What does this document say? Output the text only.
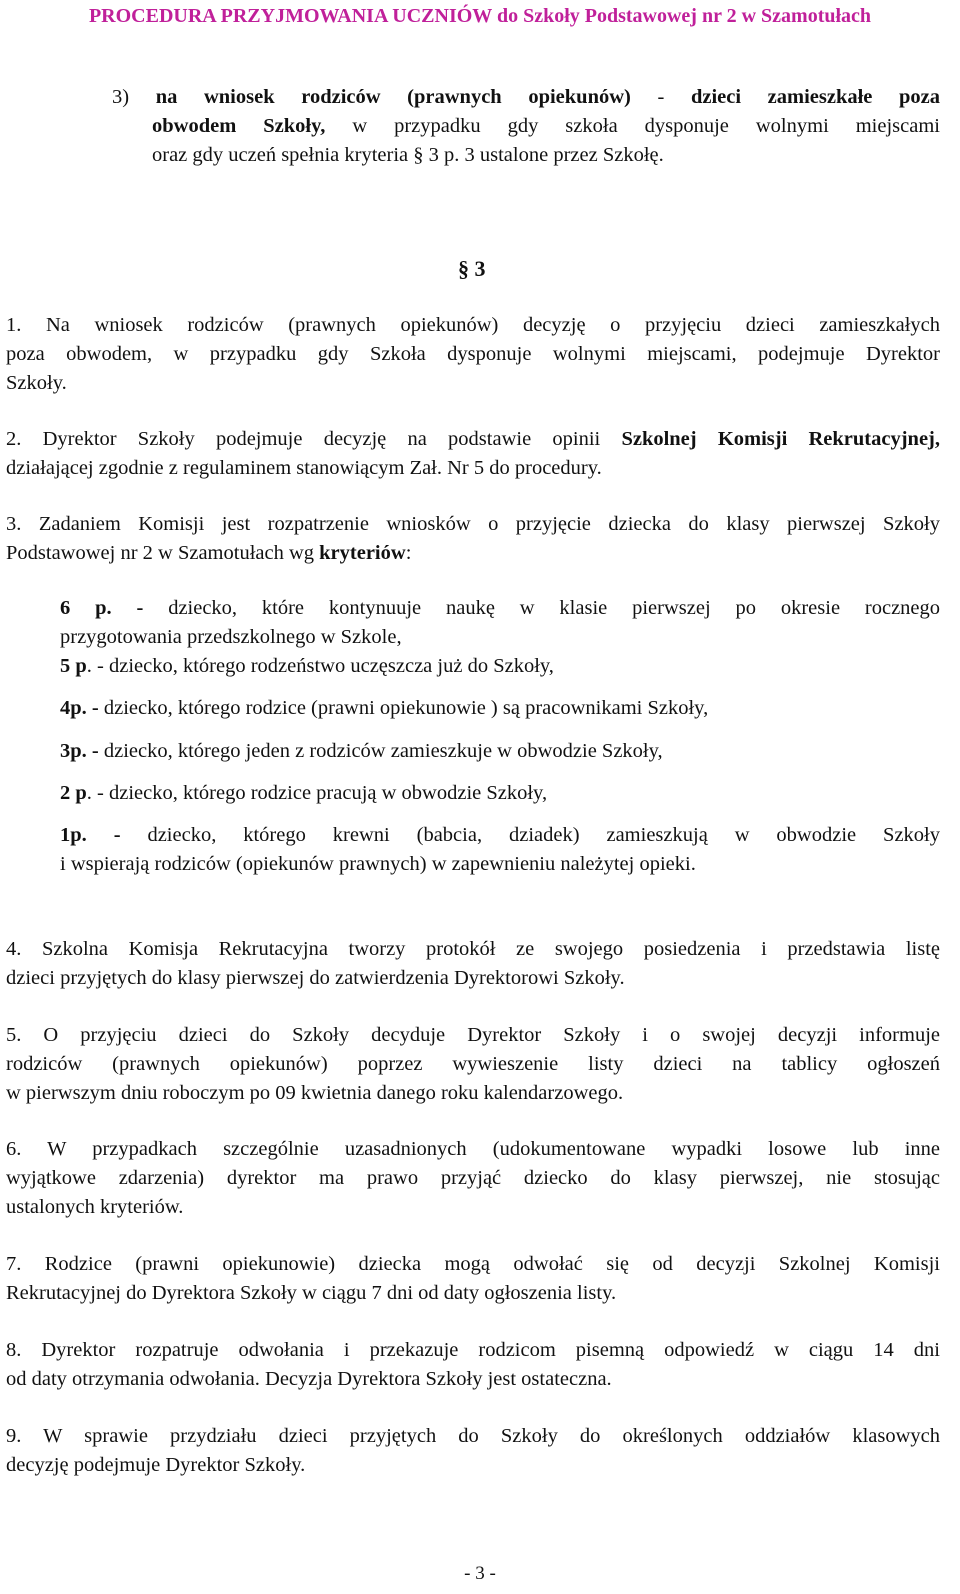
PROCEDURA PRZYJMOWANIA UCZNIÓW do Szkoły Podstawowej nr 2 w Szamotułach
3) na wniosek rodziców (prawnych opiekunów) - dzieci zamieszkałe poza
obwodem Szkoły, w przypadku gdy szkoła dysponuje wolnymi miejscami
oraz gdy uczeń spełnia kryteria § 3 p. 3 ustalone przez Szkołę.
§ 3
1. Na wniosek rodziców (prawnych opiekunów) decyzję o przyjęciu dzieci zamieszkałych
poza obwodem, w przypadku gdy Szkoła dysponuje wolnymi miejscami, podejmuje Dyrektor
Szkoły.
2. Dyrektor Szkoły podejmuje decyzję na podstawie opinii Szkolnej Komisji Rekrutacyjnej,
działającej zgodnie z regulaminem stanowiącym Zał. Nr 5 do procedury.
3. Zadaniem Komisji jest rozpatrzenie wniosków o przyjęcie dziecka do klasy pierwszej Szkoły
Podstawowej nr 2 w Szamotułach wg kryteriów:
6 p. - dziecko, które kontynuuje naukę w klasie pierwszej po okresie rocznego
przygotowania przedszkolnego w Szkole,
5 p. - dziecko, którego rodzeństwo uczęszcza już do Szkoły,
4p. - dziecko, którego rodzice (prawni opiekunowie ) są pracownikami Szkoły,
3p. - dziecko, którego jeden z rodziców zamieszkuje w obwodzie Szkoły,
2 p. - dziecko, którego rodzice pracują w obwodzie Szkoły,
1p. - dziecko, którego krewni (babcia, dziadek) zamieszkują w obwodzie Szkoły
i wspierają rodziców (opiekunów prawnych) w zapewnieniu należytej opieki.
4. Szkolna Komisja Rekrutacyjna tworzy protokół ze swojego posiedzenia i przedstawia listę
dzieci przyjętych do klasy pierwszej do zatwierdzenia Dyrektorowi Szkoły.
5. O przyjęciu dzieci do Szkoły decyduje Dyrektor Szkoły i o swojej decyzji informuje
rodziców (prawnych opiekunów) poprzez wywieszenie listy dzieci na tablicy ogłoszeń
w pierwszym dniu roboczym po 09 kwietnia danego roku kalendarzowego.
6. W przypadkach szczególnie uzasadnionych (udokumentowane wypadki losowe lub inne
wyjątkowe zdarzenia) dyrektor ma prawo przyjąć dziecko do klasy pierwszej, nie stosując
ustalonych kryteriów.
7. Rodzice (prawni opiekunowie) dziecka mogą odwołać się od decyzji Szkolnej Komisji
Rekrutacyjnej do Dyrektora Szkoły w ciągu 7 dni od daty ogłoszenia listy.
8. Dyrektor rozpatruje odwołania i przekazuje rodzicom pisemną odpowiedź w ciągu 14 dni
od daty otrzymania odwołania. Decyzja Dyrektora Szkoły jest ostateczna.
9. W sprawie przydziału dzieci przyjętych do Szkoły do określonych oddziałów klasowych
decyzję podejmuje Dyrektor Szkoły.
- 3 -
